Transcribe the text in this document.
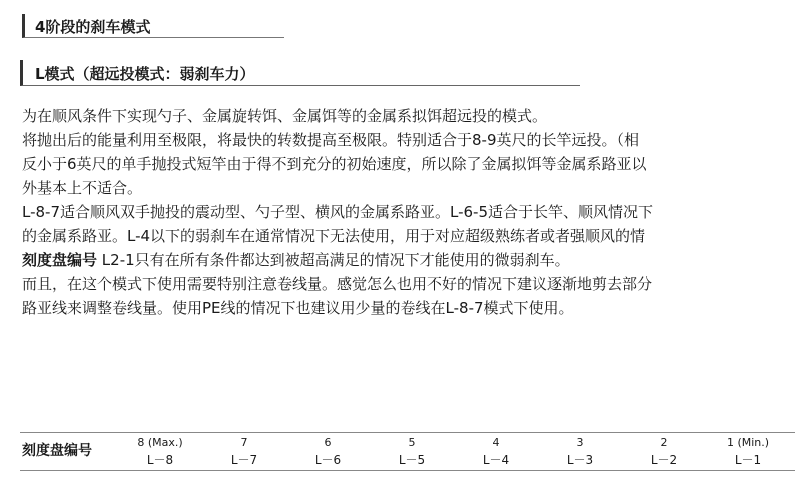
4阶段的刹车模式
L模式（超远投模式：弱刹车力）
为在顺风条件下实现勺子、金属旋转饵、金属饵等的金属系拟饵超远投的模式。
将抛出后的能量利用至极限，将最快的转数提高至极限。特别适合于8-9英尺的长竿远投。（相
反小于6英尺的单手抛投式短竿由于得不到充分的初始速度，所以除了金属拟饵等金属系路亚以
外基本上不适合。
L-8-7适合顺风双手抛投的震动型、勺子型、横风的金属系路亚。L-6-5适合于长竿、顺风情况下
的金属系路亚。L-4以下的弱刹车在通常情况下无法使用，用于对应超级熟练者或者强顺风的情
刻度盘编号 L2-1只有在所有条件都达到被超高满足的情况下才能使用的微弱刹车。
而且，在这个模式下使用需要特别注意卷线量。感觉怎么也用不好的情况下建议逐渐地剪去部分
路亚线来调整卷线量。使用PE线的情况下也建议用少量的卷线在L-8-7模式下使用。
刻度盘编号
8 (Max.)	7	6	5	4	3	2	1 (Min.)
L－8	L－7	L－6	L－5	L－4	L－3	L－2	L－1
